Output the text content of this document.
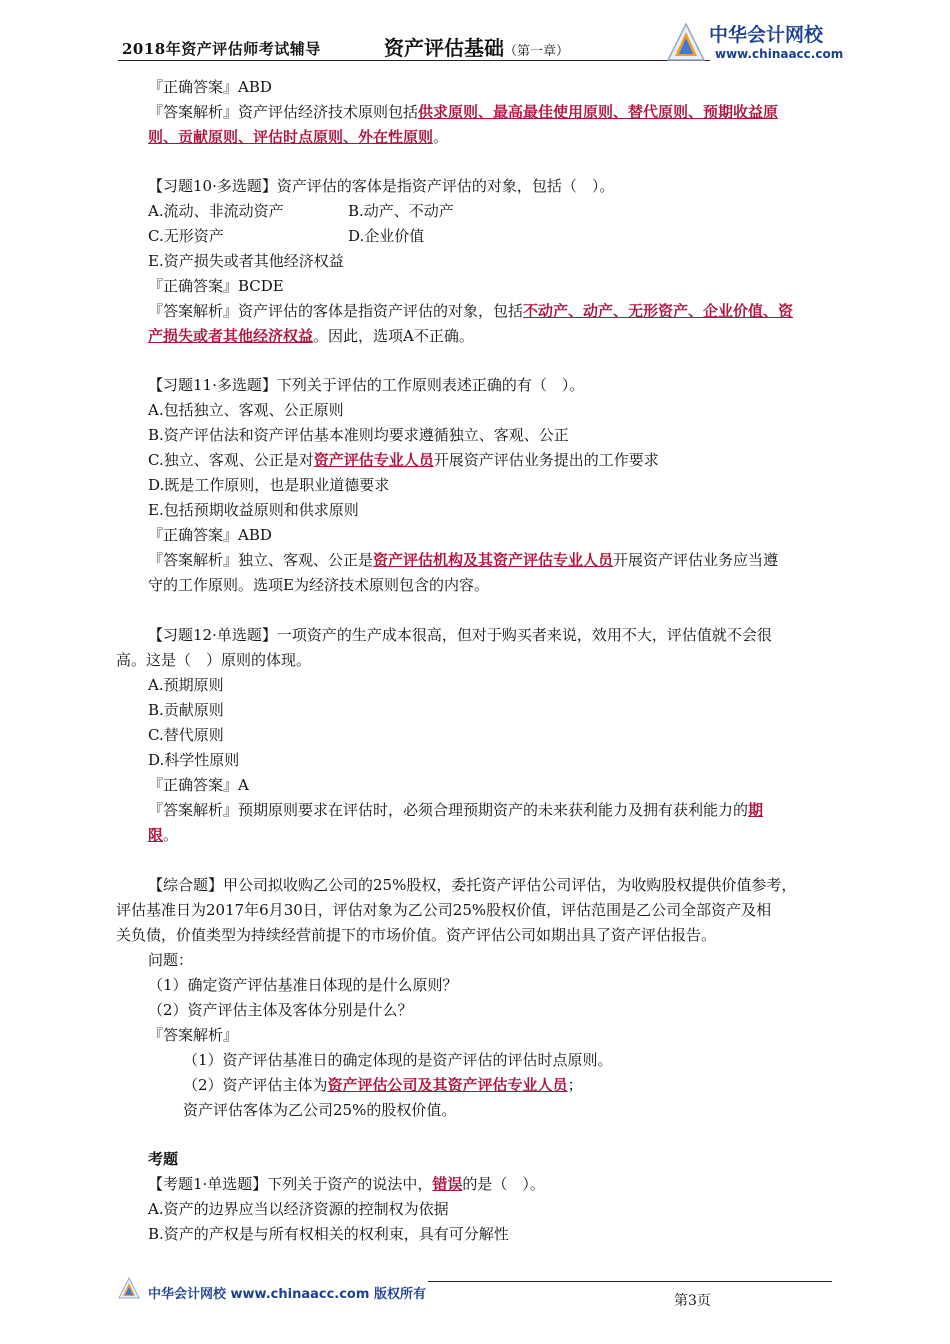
2018年资产评估师考试辅导	资产评估基础（第一章）
中华会计网校
www.chinaacc.com
『正确答案』ABD
『答案解析』资产评估经济技术原则包括供求原则、最高最佳使用原则、替代原则、预期收益原
则、贡献原则、评估时点原则、外在性原则。
【习题10·多选题】资产评估的客体是指资产评估的对象，包括（　）。
A.流动、非流动资产	B.动产、不动产
C.无形资产	D.企业价值
E.资产损失或者其他经济权益
『正确答案』BCDE
『答案解析』资产评估的客体是指资产评估的对象，包括不动产、动产、无形资产、企业价值、资
产损失或者其他经济权益。因此，选项A不正确。
【习题11·多选题】下列关于评估的工作原则表述正确的有（　）。
A.包括独立、客观、公正原则
B.资产评估法和资产评估基本准则均要求遵循独立、客观、公正
C.独立、客观、公正是对资产评估专业人员开展资产评估业务提出的工作要求
D.既是工作原则，也是职业道德要求
E.包括预期收益原则和供求原则
『正确答案』ABD
『答案解析』独立、客观、公正是资产评估机构及其资产评估专业人员开展资产评估业务应当遵
守的工作原则。选项E为经济技术原则包含的内容。
【习题12·单选题】一项资产的生产成本很高，但对于购买者来说，效用不大，评估值就不会很
高。这是（　）原则的体现。
A.预期原则
B.贡献原则
C.替代原则
D.科学性原则
『正确答案』A
『答案解析』预期原则要求在评估时，必须合理预期资产的未来获利能力及拥有获利能力的期
限。
【综合题】甲公司拟收购乙公司的25%股权，委托资产评估公司评估，为收购股权提供价值参考，
评估基准日为2017年6月30日，评估对象为乙公司25%股权价值，评估范围是乙公司全部资产及相
关负债，价值类型为持续经营前提下的市场价值。资产评估公司如期出具了资产评估报告。
问题：
（1）确定资产评估基准日体现的是什么原则？
（2）资产评估主体及客体分别是什么？
『答案解析』
（1）资产评估基准日的确定体现的是资产评估的评估时点原则。
（2）资产评估主体为资产评估公司及其资产评估专业人员；
资产评估客体为乙公司25%的股权价值。
考题
【考题1·单选题】下列关于资产的说法中，错误的是（　）。
A.资产的边界应当以经济资源的控制权为依据
B.资产的产权是与所有权相关的权利束，具有可分解性
中华会计网校 www.chinaacc.com 版权所有	第3页
